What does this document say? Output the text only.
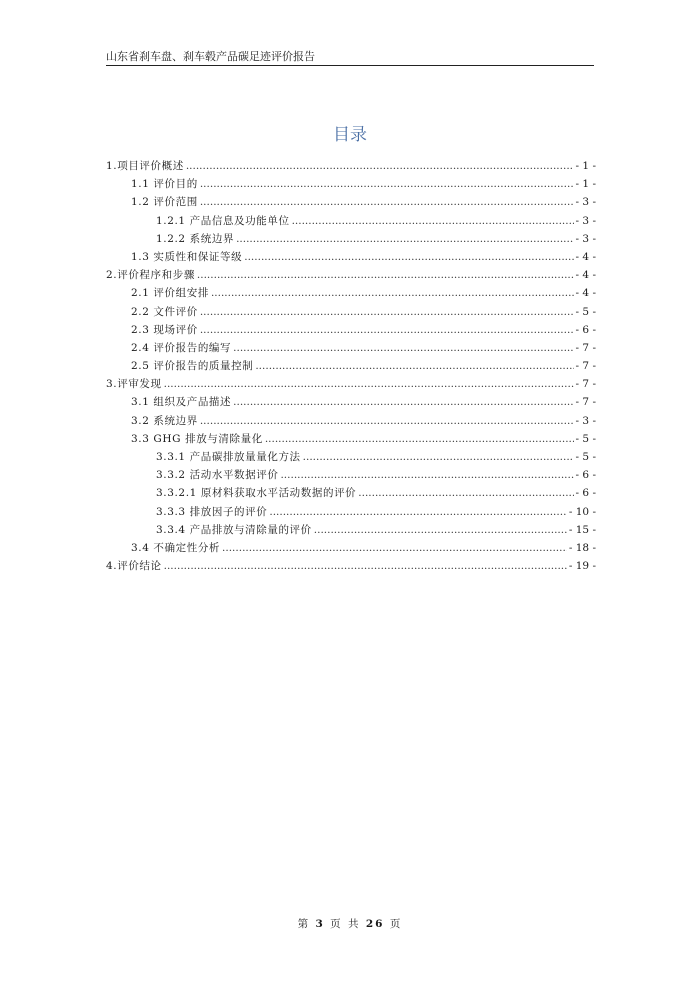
山东省刹车盘、刹车毂产品碳足迹评价报告
目录
1.项目评价概述 .....	- 1 -
1.1 评价目的 .....	- 1 -
1.2 评价范围 .....	- 3 -
1.2.1 产品信息及功能单位 .....	- 3 -
1.2.2 系统边界 .....	- 3 -
1.3 实质性和保证等级 .....	- 4 -
2.评价程序和步骤 .....	- 4 -
2.1 评价组安排 .....	- 4 -
2.2 文件评价 .....	- 5 -
2.3 现场评价 .....	- 6 -
2.4 评价报告的编写 .....	- 7 -
2.5 评价报告的质量控制 .....	- 7 -
3.评审发现 .....	- 7 -
3.1 组织及产品描述 .....	- 7 -
3.2 系统边界 .....	- 3 -
3.3 GHG 排放与清除量化 .....	- 5 -
3.3.1 产品碳排放量量化方法 .....	- 5 -
3.3.2 活动水平数据评价 .....	- 6 -
3.3.2.1 原材料获取水平活动数据的评价 .....	- 6 -
3.3.3 排放因子的评价 .....	- 10 -
3.3.4 产品排放与清除量的评价 .....	- 15 -
3.4 不确定性分析 .....	- 18 -
4.评价结论 .....	- 19 -
第 3 页 共 26 页
